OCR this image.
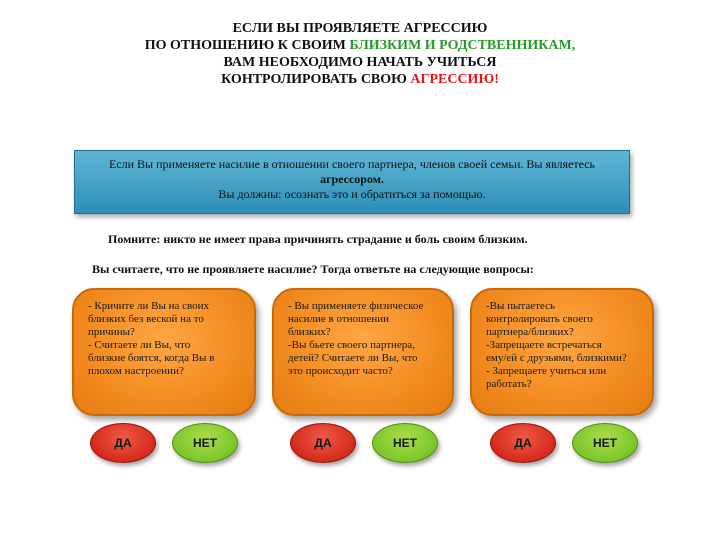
ЕСЛИ ВЫ ПРОЯВЛЯЕТЕ АГРЕССИЮ
ПО ОТНОШЕНИЮ К СВОИМ БЛИЗКИМ И РОДСТВЕННИКАМ,
ВАМ НЕОБХОДИМО НАЧАТЬ УЧИТЬСЯ
КОНТРОЛИРОВАТЬ СВОЮ АГРЕССИЮ!
Если Вы применяете насилие в отношении своего партнера, членов своей семьи. Вы являетесь
агрессором.
Вы должны: осознать это и обратиться за помощью.
Помните: никто не имеет права причинять страдание и боль своим близким.
Вы считаете, что не проявляете насилие? Тогда ответьте на следующие вопросы:

- Кричите ли Вы на своих
близких без веской на то
причины?
- Считаете ли Вы, что
близкие боятся, когда Вы в
плохом настроении?

- Вы применяете физическое
насилие в отношении
близких?
-Вы бьете своего партнера,
детей? Считаете ли Вы, что
это происходит часто?

-Вы пытаетесь
контролировать своего
партнера/близких?
-Запрещаете встречаться
ему/ей с друзьями, близкими?
- Запрещаете учиться или
работать?

ДА	НЕТ	ДА	НЕТ	ДА	НЕТ
